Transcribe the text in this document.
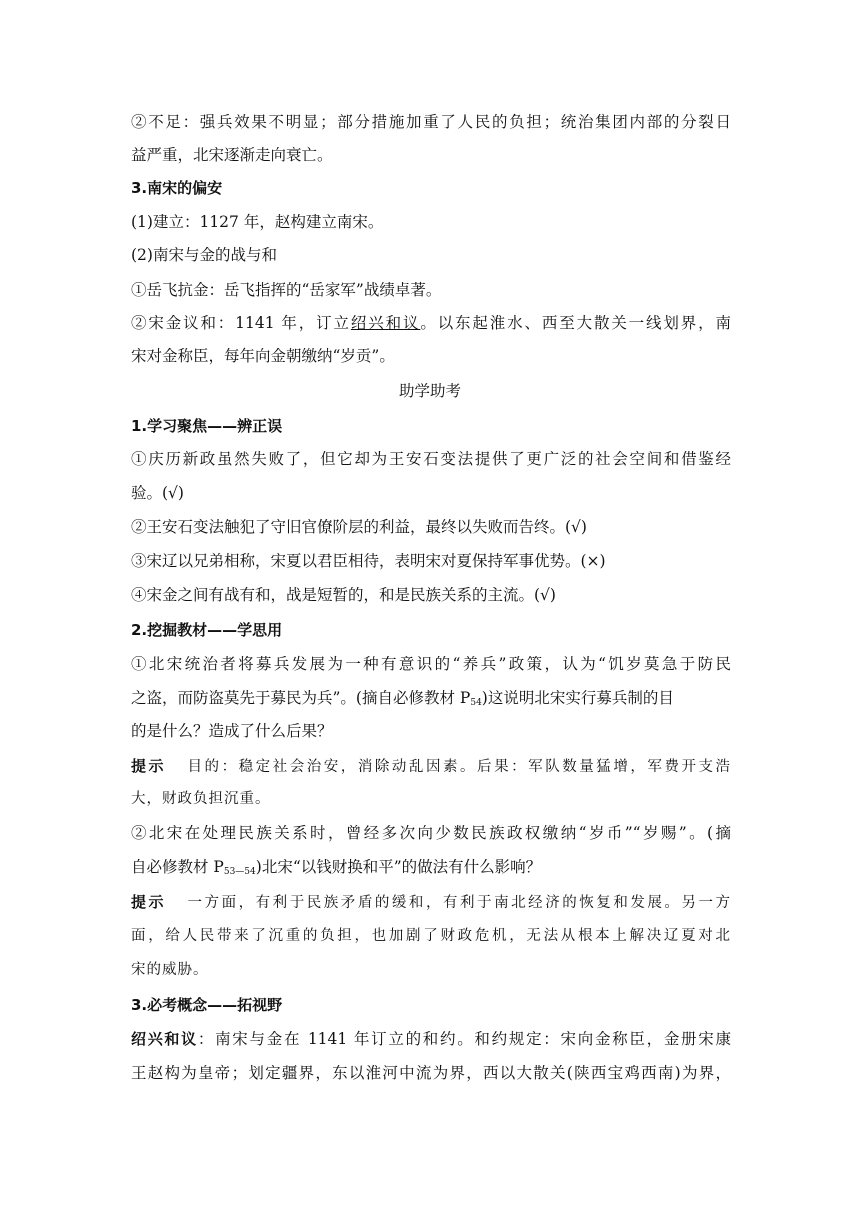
②不足：强兵效果不明显；部分措施加重了人民的负担；统治集团内部的分裂日
益严重，北宋逐渐走向衰亡。
3.南宋的偏安
(1)建立：1127 年，赵构建立南宋。
(2)南宋与金的战与和
①岳飞抗金：岳飞指挥的“岳家军”战绩卓著。
②宋金议和：1141 年，订立绍兴和议。以东起淮水、西至大散关一线划界，南
宋对金称臣，每年向金朝缴纳“岁贡”。
助学助考
1.学习聚焦——辨正误
①庆历新政虽然失败了，但它却为王安石变法提供了更广泛的社会空间和借鉴经
验。(√)
②王安石变法触犯了守旧官僚阶层的利益，最终以失败而告终。(√)
③宋辽以兄弟相称，宋夏以君臣相待，表明宋对夏保持军事优势。(×)
④宋金之间有战有和，战是短暂的，和是民族关系的主流。(√)
2.挖掘教材——学思用
①北宋统治者将募兵发展为一种有意识的“养兵”政策，认为“饥岁莫急于防民
之盗，而防盗莫先于募民为兵”。(摘自必修教材 $P_{54}$)这说明北宋实行募兵制的目
的是什么？造成了什么后果？
提示 目的：稳定社会治安，消除动乱因素。后果：军队数量猛增，军费开支浩
大，财政负担沉重。
②北宋在处理民族关系时，曾经多次向少数民族政权缴纳“岁币”“岁赐”。(摘
自必修教材 $P_{53—54}$)北宋“以钱财换和平”的做法有什么影响？
提示 一方面，有利于民族矛盾的缓和，有利于南北经济的恢复和发展。另一方
面，给人民带来了沉重的负担，也加剧了财政危机，无法从根本上解决辽夏对北
宋的威胁。
3.必考概念——拓视野
绍兴和议：南宋与金在 1141 年订立的和约。和约规定：宋向金称臣，金册宋康
王赵构为皇帝；划定疆界，东以淮河中流为界，西以大散关(陕西宝鸡西南)为界，
